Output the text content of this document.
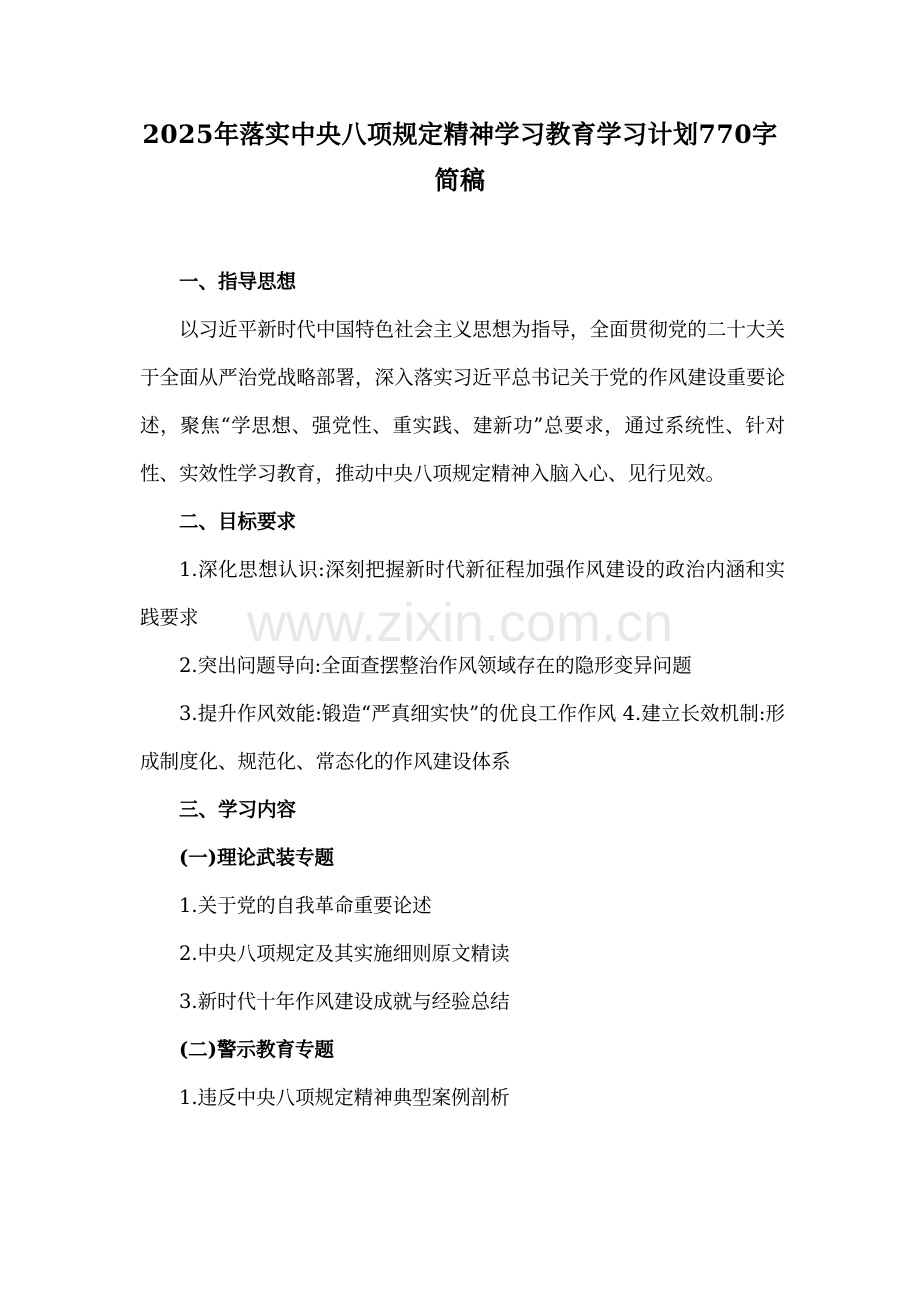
2025年落实中央八项规定精神学习教育学习计划770字简稿

一、指导思想

以习近平新时代中国特色社会主义思想为指导，全面贯彻党的二十大关于全面从严治党战略部署，深入落实习近平总书记关于党的作风建设重要论述，聚焦“学思想、强党性、重实践、建新功”总要求，通过系统性、针对性、实效性学习教育，推动中央八项规定精神入脑入心、见行见效。

二、目标要求

1.深化思想认识:深刻把握新时代新征程加强作风建设的政治内涵和实践要求

2.突出问题导向:全面查摆整治作风领域存在的隐形变异问题

3.提升作风效能:锻造“严真细实快”的优良工作作风 4.建立长效机制:形成制度化、规范化、常态化的作风建设体系

三、学习内容

(一)理论武装专题

1.关于党的自我革命重要论述

2.中央八项规定及其实施细则原文精读

3.新时代十年作风建设成就与经验总结

(二)警示教育专题

1.违反中央八项规定精神典型案例剖析

www.zixin.com.cn
